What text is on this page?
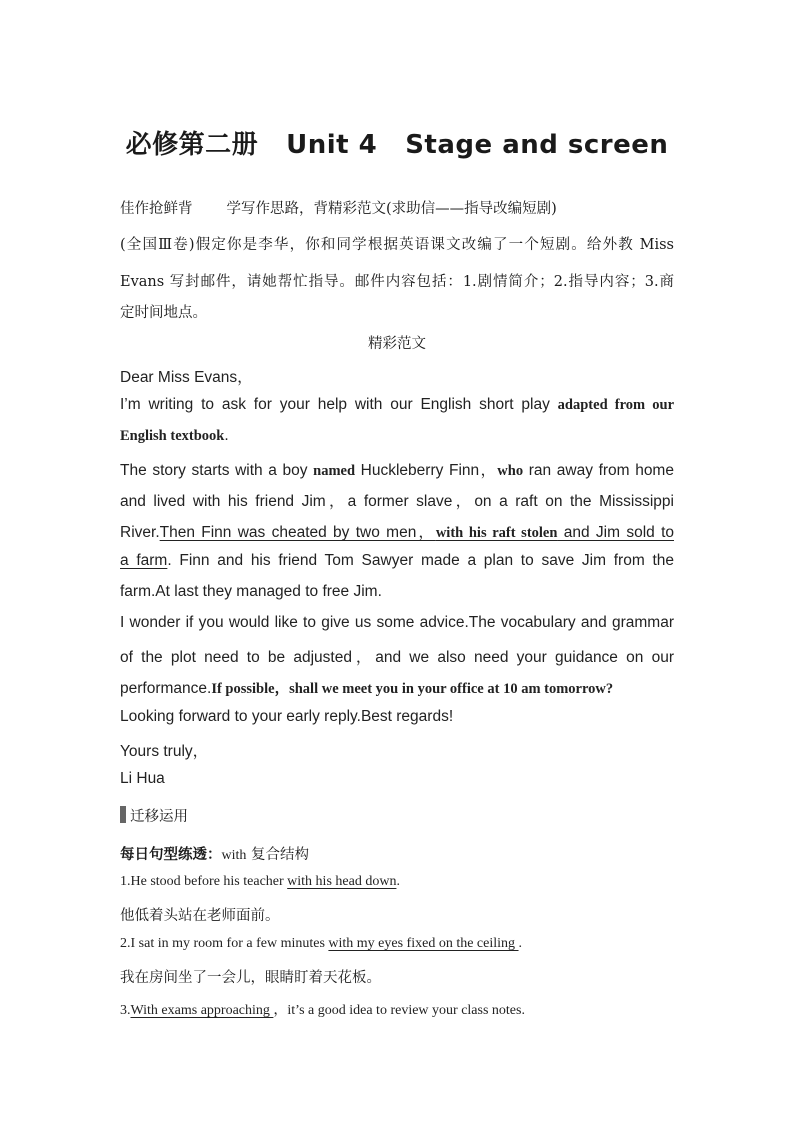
必修第二册 Unit 4 Stage and screen
佳作抢鲜背 学写作思路，背精彩范文(求助信——指导改编短剧)
(全国Ⅲ卷)假定你是李华，你和同学根据英语课文改编了一个短剧。给外教 Miss
Evans 写封邮件，请她帮忙指导。邮件内容包括：1.剧情简介；2.指导内容；3.商
定时间地点。
精彩范文
Dear Miss Evans，
I’m writing to ask for your help with our English short play adapted from our
English textbook.
The story starts with a boy named Huckleberry Finn，who ran away from home
and lived with his friend Jim，a former slave，on a raft on the Mississippi
River.Then Finn was cheated by two men，with his raft stolen and Jim sold to
a farm. Finn and his friend Tom Sawyer made a plan to save Jim from the
farm.At last they managed to free Jim.
I wonder if you would like to give us some advice.The vocabulary and grammar
of the plot need to be adjusted，and we also need your guidance on our
performance.If possible，shall we meet you in your office at 10 am tomorrow?
Looking forward to your early reply.Best regards!
Yours truly，
Li Hua
迁移运用
每日句型练透：with 复合结构
1.He stood before his teacher with his head down.
他低着头站在老师面前。
2.I sat in my room for a few minutes with my eyes fixed on the ceiling .
我在房间坐了一会儿，眼睛盯着天花板。
3.With exams approaching ，it’s a good idea to review your class notes.
